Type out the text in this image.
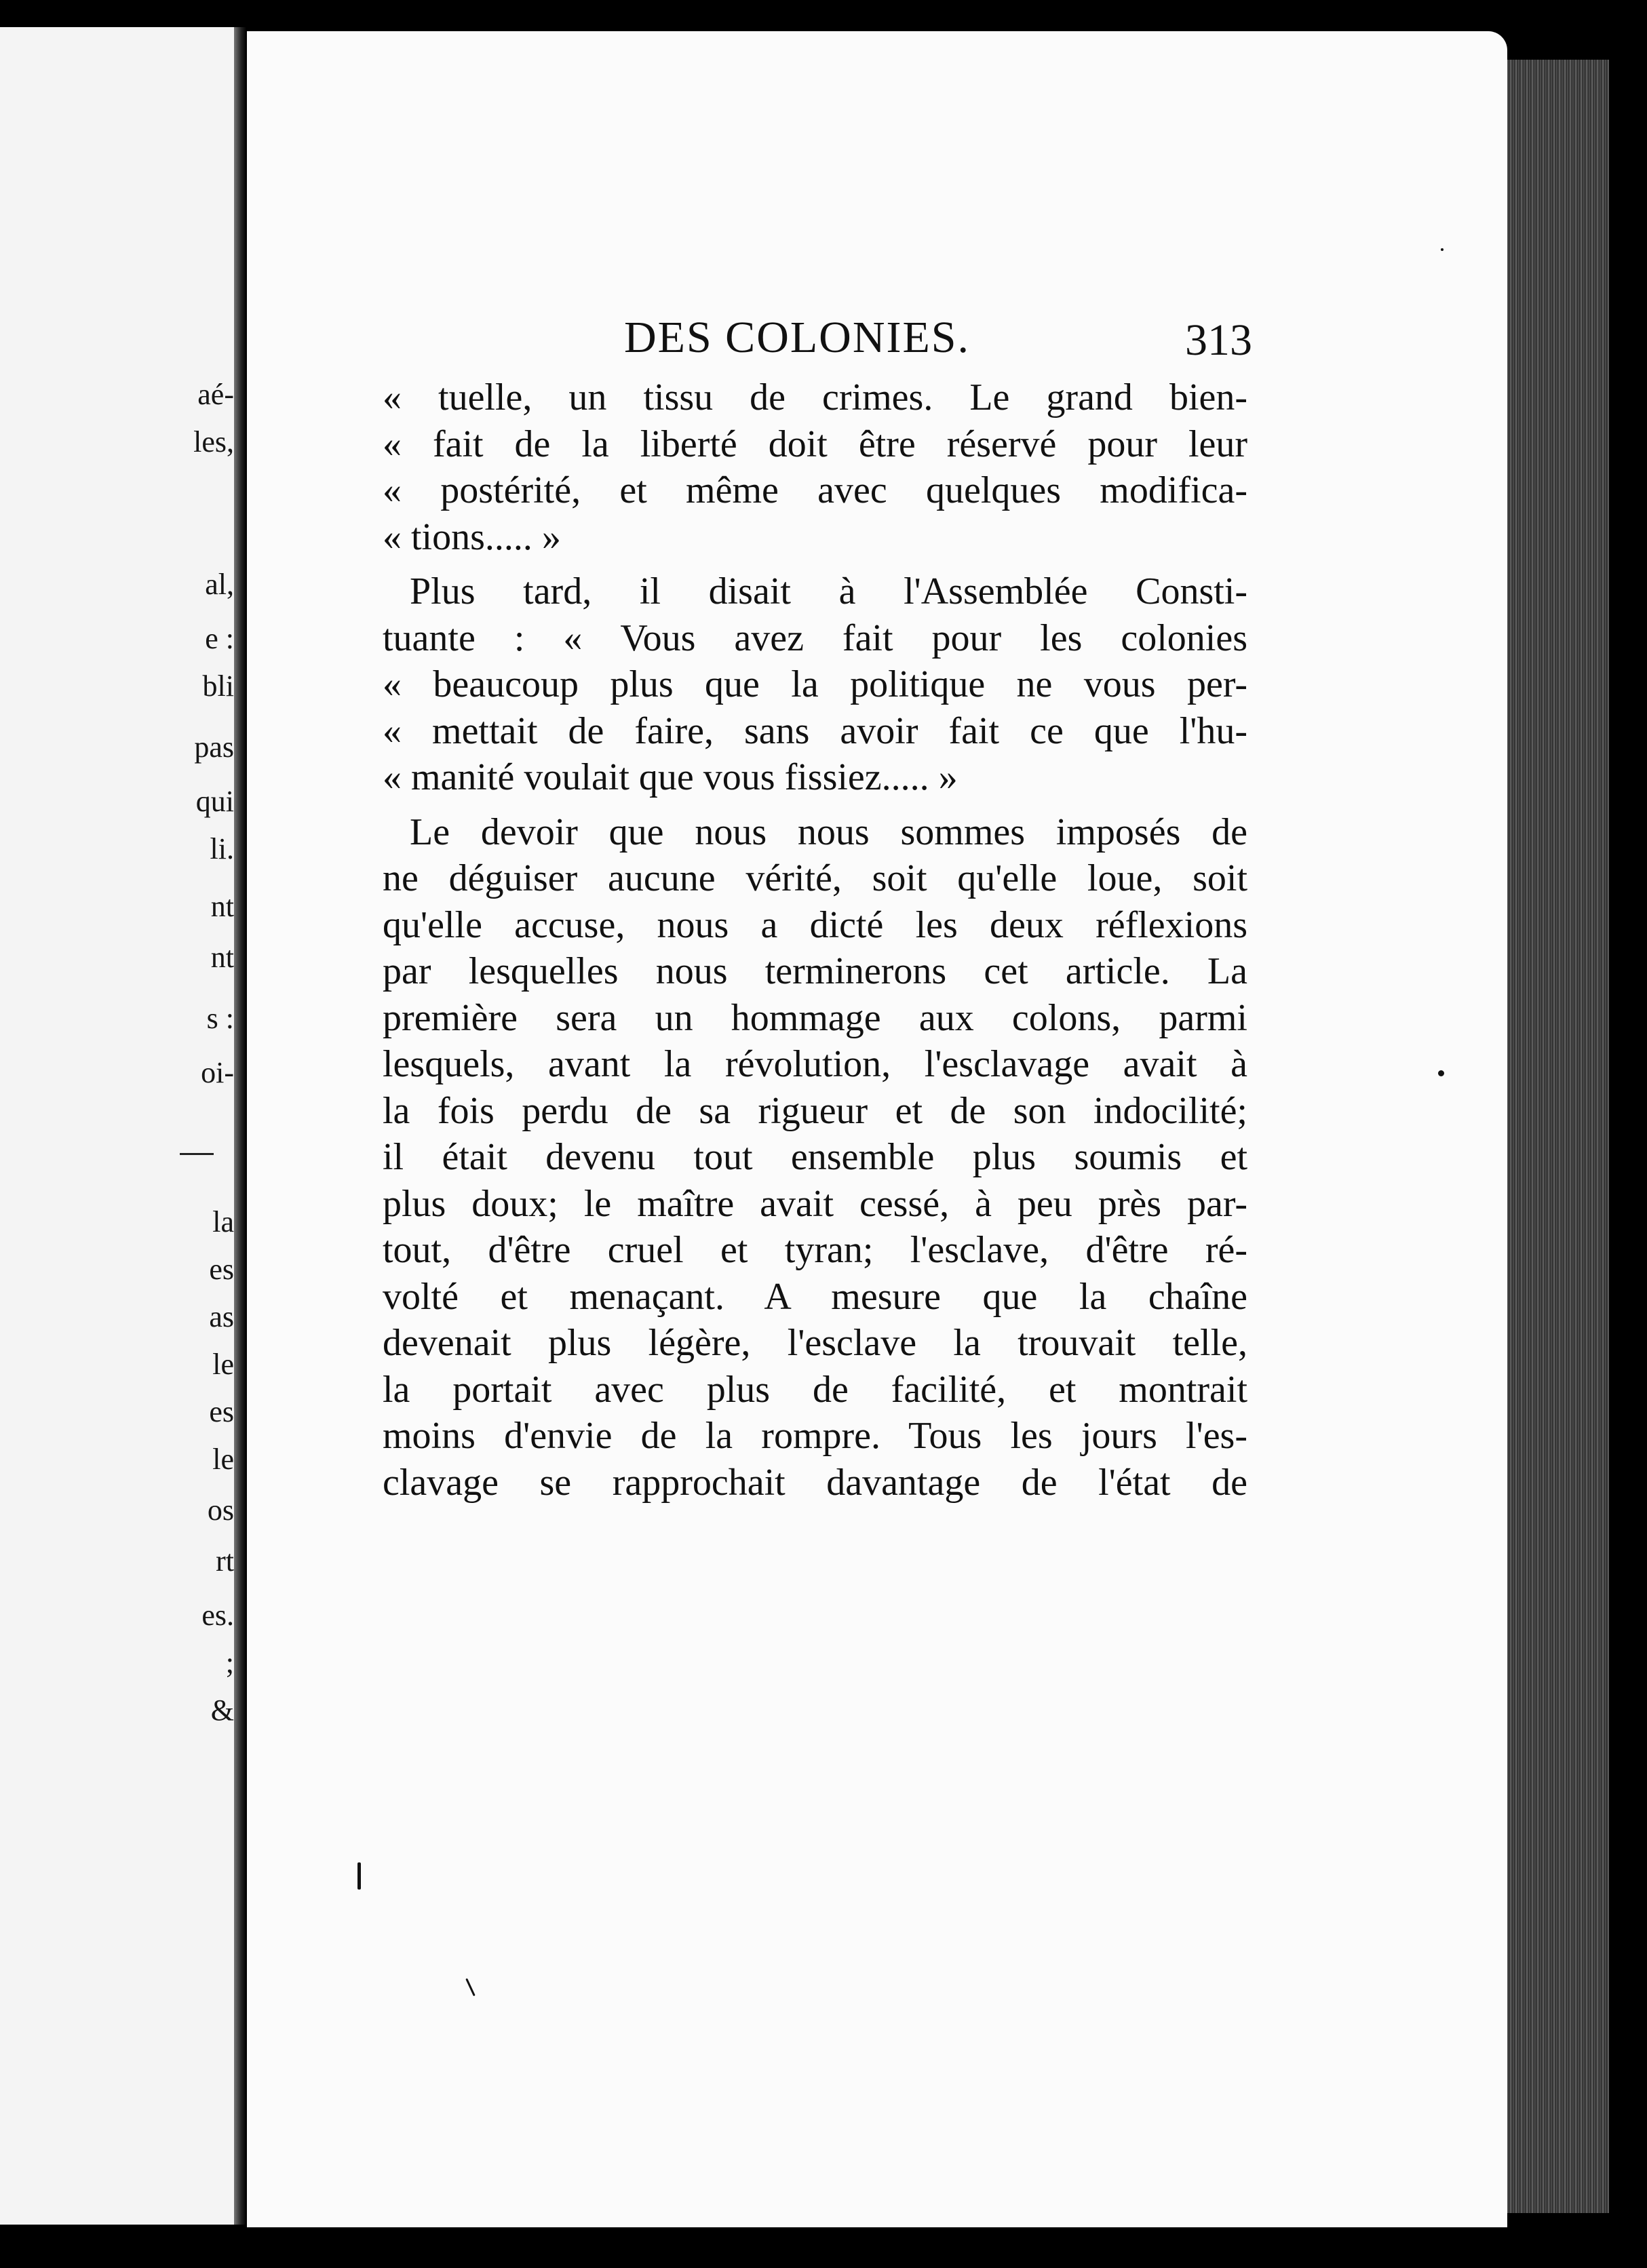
aé-
les,
al,
e :
bli
pas
qui
li.
nt
nt
s :
oi-
la
es
as
le
es
le
os
rt
es.
;
&
DES COLONIES.	313
« tuelle, un tissu de crimes. Le grand bien-
« fait de la liberté doit être réservé pour leur
« postérité, et même avec quelques modifica-
« tions..... »
Plus tard, il disait à l'Assemblée Consti-
tuante : « Vous avez fait pour les colonies
« beaucoup plus que la politique ne vous per-
« mettait de faire, sans avoir fait ce que l'hu-
« manité voulait que vous fissiez..... »
Le devoir que nous nous sommes imposés de
ne déguiser aucune vérité, soit qu'elle loue, soit
qu'elle accuse, nous a dicté les deux réflexions
par lesquelles nous terminerons cet article. La
première sera un hommage aux colons, parmi
lesquels, avant la révolution, l'esclavage avait à
la fois perdu de sa rigueur et de son indocilité;
il était devenu tout ensemble plus soumis et
plus doux; le maître avait cessé, à peu près par-
tout, d'être cruel et tyran; l'esclave, d'être ré-
volté et menaçant. A mesure que la chaîne
devenait plus légère, l'esclave la trouvait telle,
la portait avec plus de facilité, et montrait
moins d'envie de la rompre. Tous les jours l'es-
clavage se rapprochait davantage de l'état de
